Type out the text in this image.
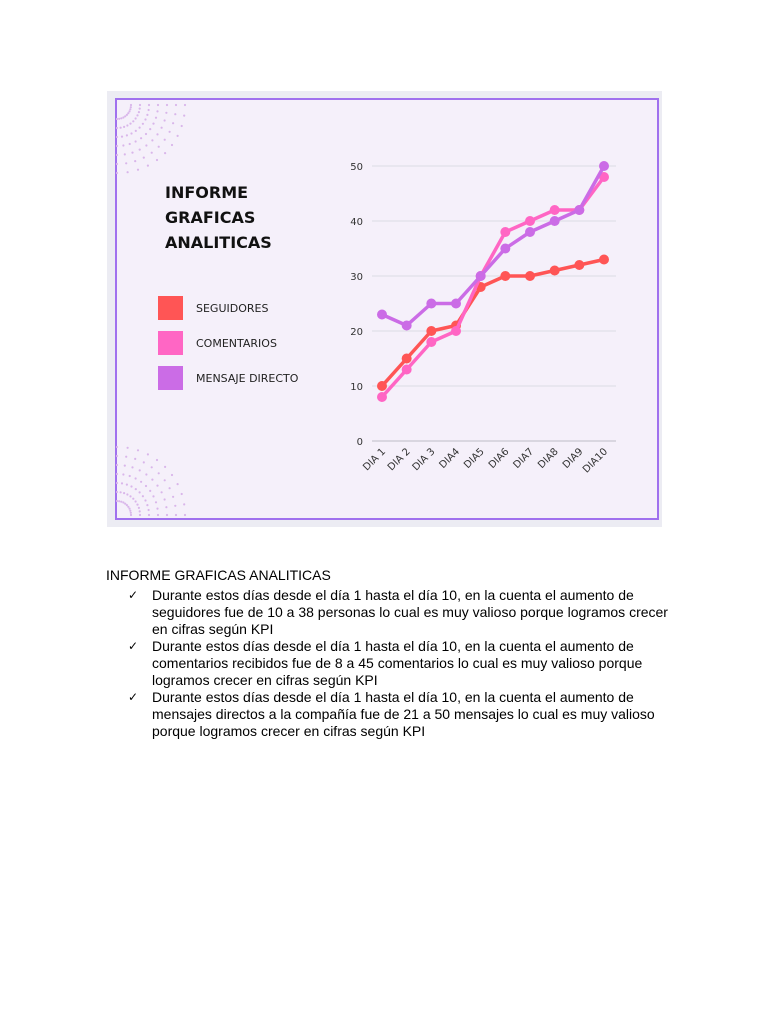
INFORME
GRAFICAS
ANALITICAS
SEGUIDORES
COMENTARIOS
MENSAJE DIRECTO
0
10
20
30
40
50
DIA 1
DIA 2
DIA 3 DIA4 DIA5 DIA6 DIA7 DIA8 DIA9
DIA10
INFORME GRAFICAS ANALITICAS
✓ Durante estos días desde el día 1 hasta el día 10, en la cuenta el aumento de seguidores fue de 10 a 38 personas lo cual es muy valioso porque logramos crecer en cifras según KPI
✓ Durante estos días desde el día 1 hasta el día 10, en la cuenta el aumento de comentarios recibidos fue de 8 a 45 comentarios lo cual es muy valioso porque logramos crecer en cifras según KPI
✓ Durante estos días desde el día 1 hasta el día 10, en la cuenta el aumento de mensajes directos a la compañía fue de 21 a 50 mensajes lo cual es muy valioso porque logramos crecer en cifras según KPI
